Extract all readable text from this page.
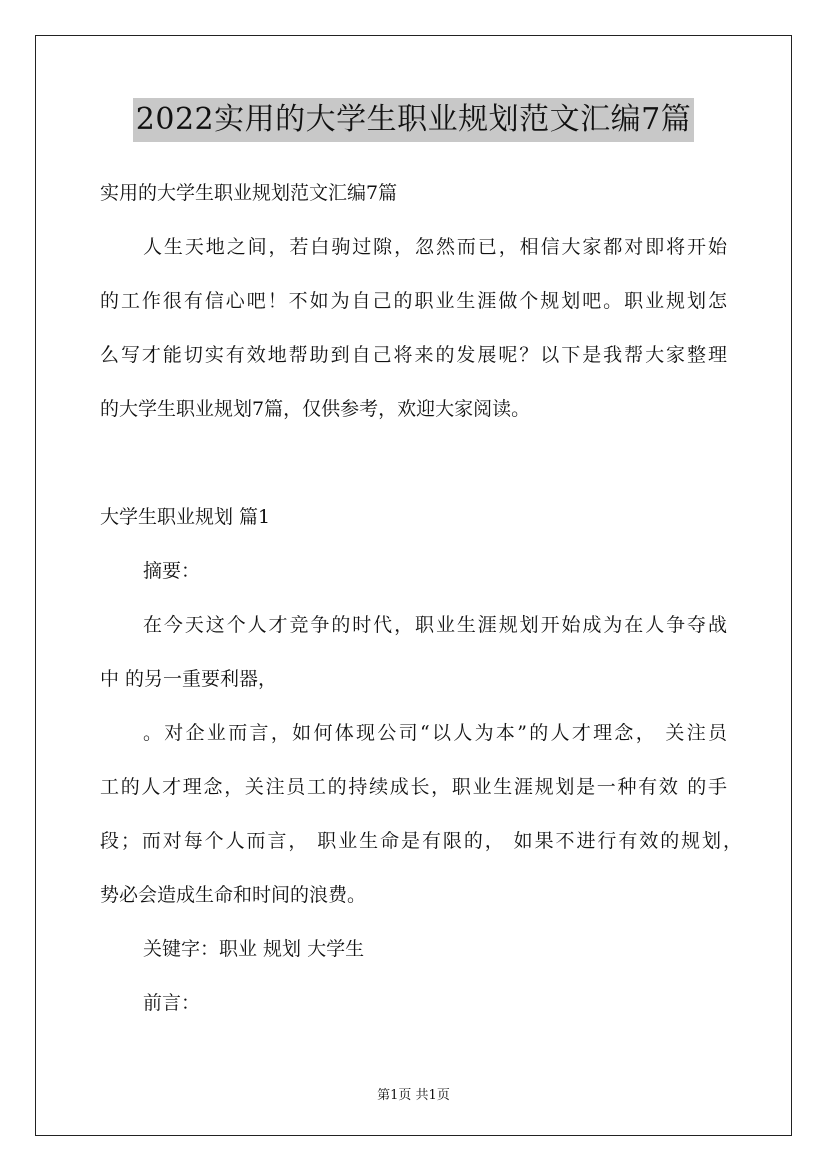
2022实用的大学生职业规划范文汇编7篇
实用的大学生职业规划范文汇编7篇
人生天地之间，若白驹过隙，忽然而已，相信大家都对即将开始
的工作很有信心吧！不如为自己的职业生涯做个规划吧。职业规划怎
么写才能切实有效地帮助到自己将来的发展呢？以下是我帮大家整理
的大学生职业规划7篇，仅供参考，欢迎大家阅读。
大学生职业规划 篇1
摘要：
在今天这个人才竞争的时代，职业生涯规划开始成为在人争夺战
中 的另一重要利器，
。对企业而言，如何体现公司“以人为本”的人才理念， 关注员
工的人才理念，关注员工的持续成长，职业生涯规划是一种有效 的手
段；而对每个人而言， 职业生命是有限的， 如果不进行有效的规划，
势必会造成生命和时间的浪费。
关键字：职业 规划 大学生
前言：
第1页 共1页
